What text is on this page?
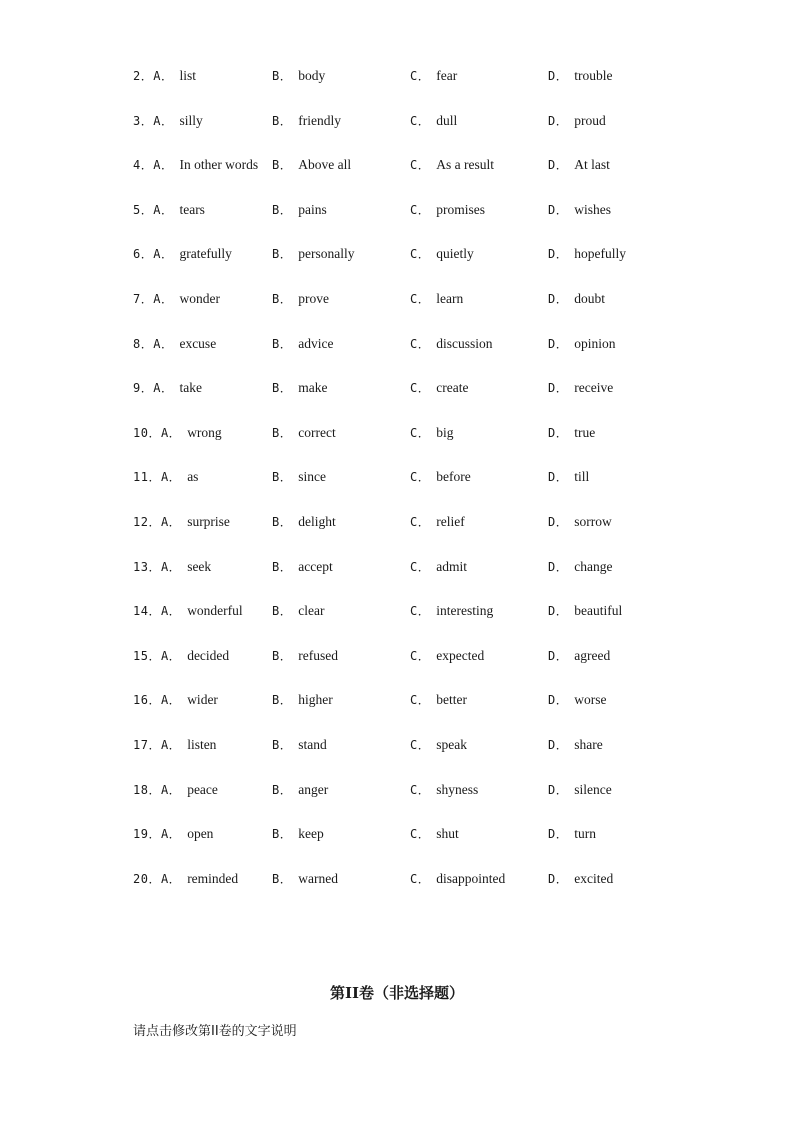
2．A． list	B． body	C． fear	D． trouble
3．A． silly	B． friendly	C． dull	D． proud
4．A． In other words B． Above all	C． As a result	D． At last
5．A． tears	B． pains	C． promises	D． wishes
6．A． gratefully	B． personally	C． quietly	D． hopefully
7．A． wonder	B． prove	C． learn	D． doubt
8．A． excuse	B． advice	C． discussion	D． opinion
9．A． take	B． make	C． create	D． receive
10．A． wrong	B． correct	C． big	D． true
11．A． as	B． since	C． before	D． till
12．A． surprise	B． delight	C． relief	D． sorrow
13．A． seek	B． accept	C． admit	D． change
14．A． wonderful B． clear	C． interesting	D． beautiful
15．A． decided	B． refused	C． expected	D． agreed
16．A． wider	B． higher	C． better	D． worse
17．A． listen	B． stand	C． speak	D． share
18．A． peace	B． anger	C． shyness	D． silence
19．A． open	B． keep	C． shut	D． turn
20．A． reminded	B． warned	C． disappointed	D． excited
第II卷（非选择题）
请点击修改第II卷的文字说明
